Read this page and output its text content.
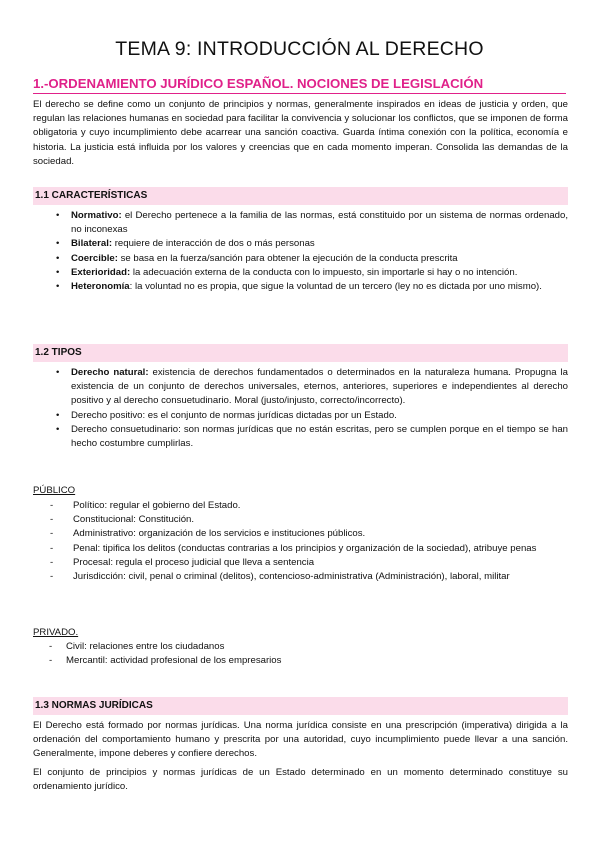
TEMA 9: INTRODUCCIÓN AL DERECHO
1.-ORDENAMIENTO JURÍDICO ESPAÑOL. NOCIONES DE LEGISLACIÓN
El derecho se define como un conjunto de principios y normas, generalmente inspirados en ideas de justicia y orden, que regulan las relaciones humanas en sociedad para facilitar la convivencia y solucionar los conflictos, que se imponen de forma obligatoria y cuyo incumplimiento debe acarrear una sanción coactiva. Guarda íntima conexión con la política, economía e historia. La justicia está influida por los valores y creencias que en cada momento imperan. Consolida las demandas de la sociedad.
1.1 CARACTERÍSTICAS
• Normativo: el Derecho pertenece a la familia de las normas, está constituido por un sistema de normas ordenado, no inconexas
• Bilateral: requiere de interacción de dos o más personas
• Coercible: se basa en la fuerza/sanción para obtener la ejecución de la conducta prescrita
• Exterioridad: la adecuación externa de la conducta con lo impuesto, sin importarle si hay o no intención.
• Heteronomía: la voluntad no es propia, que sigue la voluntad de un tercero (ley no es dictada por uno mismo).
1.2 TIPOS
• Derecho natural: existencia de derechos fundamentados o determinados en la naturaleza humana. Propugna la existencia de un conjunto de derechos universales, eternos, anteriores, superiores e independientes al derecho positivo y al derecho consuetudinario. Moral (justo/injusto, correcto/incorrecto).
• Derecho positivo: es el conjunto de normas jurídicas dictadas por un Estado.
• Derecho consuetudinario: son normas jurídicas que no están escritas, pero se cumplen porque en el tiempo se han hecho costumbre cumplirlas.
PÚBLICO
- Político: regular el gobierno del Estado.
- Constitucional: Constitución.
- Administrativo: organización de los servicios e instituciones públicos.
- Penal: tipifica los delitos (conductas contrarias a los principios y organización de la sociedad), atribuye penas
- Procesal: regula el proceso judicial que lleva a sentencia
- Jurisdicción: civil, penal o criminal (delitos), contencioso-administrativa (Administración), laboral, militar
PRIVADO.
- Civil: relaciones entre los ciudadanos
- Mercantil: actividad profesional de los empresarios
1.3 NORMAS JURÍDICAS
El Derecho está formado por normas jurídicas. Una norma jurídica consiste en una prescripción (imperativa) dirigida a la ordenación del comportamiento humano y prescrita por una autoridad, cuyo incumplimiento puede llevar a una sanción. Generalmente, impone deberes y confiere derechos.
El conjunto de principios y normas jurídicas de un Estado determinado en un momento determinado constituye su ordenamiento jurídico.
